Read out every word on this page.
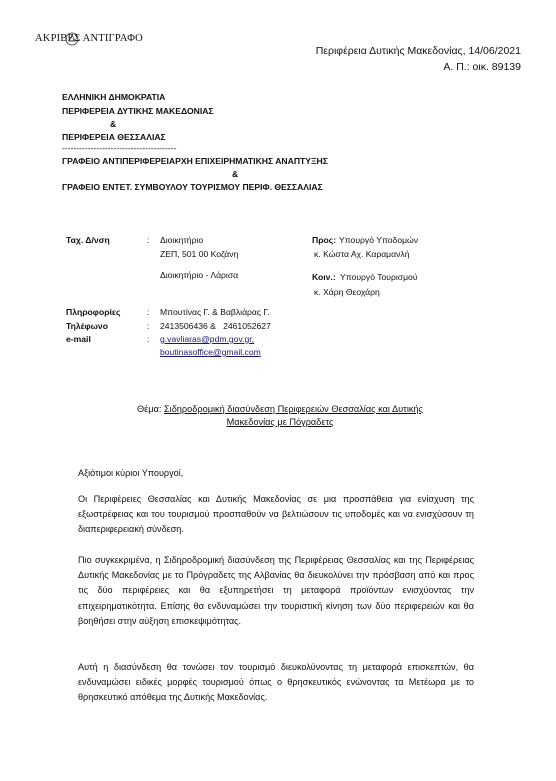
ΑΚΡΙΒΕΣ ΑΝΤΙΓΡΑΦΟ
Περιφέρεια Δυτικής Μακεδονίας, 14/06/2021
Α. Π.: οικ. 89139
ΕΛΛΗΝΙΚΗ ΔΗΜΟΚΡΑΤΙΑ
ΠΕΡΙΦΕΡΕΙΑ ΔΥΤΙΚΗΣ ΜΑΚΕΔΟΝΙΑΣ
&
ΠΕΡΙΦΕΡΕΙΑ ΘΕΣΣΑΛΙΑΣ
----------------------------------------
ΓΡΑΦΕΙΟ ΑΝΤΙΠΕΡΙΦΕΡΕΙΑΡΧΗ ΕΠΙΧΕΙΡΗΜΑΤΙΚΗΣ ΑΝΑΠΤΥΞΗΣ
&
ΓΡΑΦΕΙΟ ΕΝΤΕΤ. ΣΥΜΒΟΥΛΟΥ ΤΟΥΡΙΣΜΟΥ ΠΕΡΙΦ. ΘΕΣΣΑΛΙΑΣ
Ταχ. Δ/νση	: Διοικητήριο
ΖΕΠ, 501 00 Κοζάνη
Διοικητήριο - Λάρισα
Προς: Υπουργό Υποδομών
κ. Κώστα Αχ. Καραμανλή
Κοιν.: Υπουργό Τουρισμού
κ. Χάρη Θεοχάρη
Πληροφορίες	: Μπουτίνας Γ. & Βαβλιάρας Γ.
Τηλέφωνο	: 2413506436 &   2461052627
e-mail	: g.vavliaras@pdm.gov.gr,
boutinasoffice@gmail.com
Θέμα: Σιδηροδρομική διασύνδεση Περιφερειών Θεσσαλίας και Δυτικής
Μακεδονίας με Πόγραδετς
Αξιότιμοι κύριοι Υπουργοί,
Οι Περιφέρειες Θεσσαλίας και Δυτικής Μακεδονίας σε μια προσπάθεια για ενίσχυση της εξωστρέφειας και του τουρισμού προσπαθούν να βελτιώσουν τις υποδομές και να ενισχύσουν τη διαπεριφερειακή σύνδεση.
Πιο συγκεκριμένα, η Σιδηροδρομική διασύνδεση της Περιφέρειας Θεσσαλίας και της Περιφέρειας Δυτικής Μακεδονίας με το Πρόγραδετς της Αλβανίας θα διευκολύνει την πρόσβαση από και προς τις δύο περιφέρειες και θα εξυπηρετήσει τη μεταφορά προϊόντων ενισχύοντας την επιχειρηματικότητα. Επίσης θα ενδυναμώσει την τουριστική κίνηση των δύο περιφερειών και θα βοηθήσει στην αύξηση επισκεψιμότητας.
Αυτή η διασύνδεση θα τονώσει τον τουρισμό διευκολύνοντας τη μεταφορά επισκεπτών, θα ενδυναμώσει ειδικές μορφές τουρισμού όπως ο θρησκευτικός ενώνοντας τα Μετέωρα με το θρησκευτικό απόθεμα της Δυτικής Μακεδονίας.
